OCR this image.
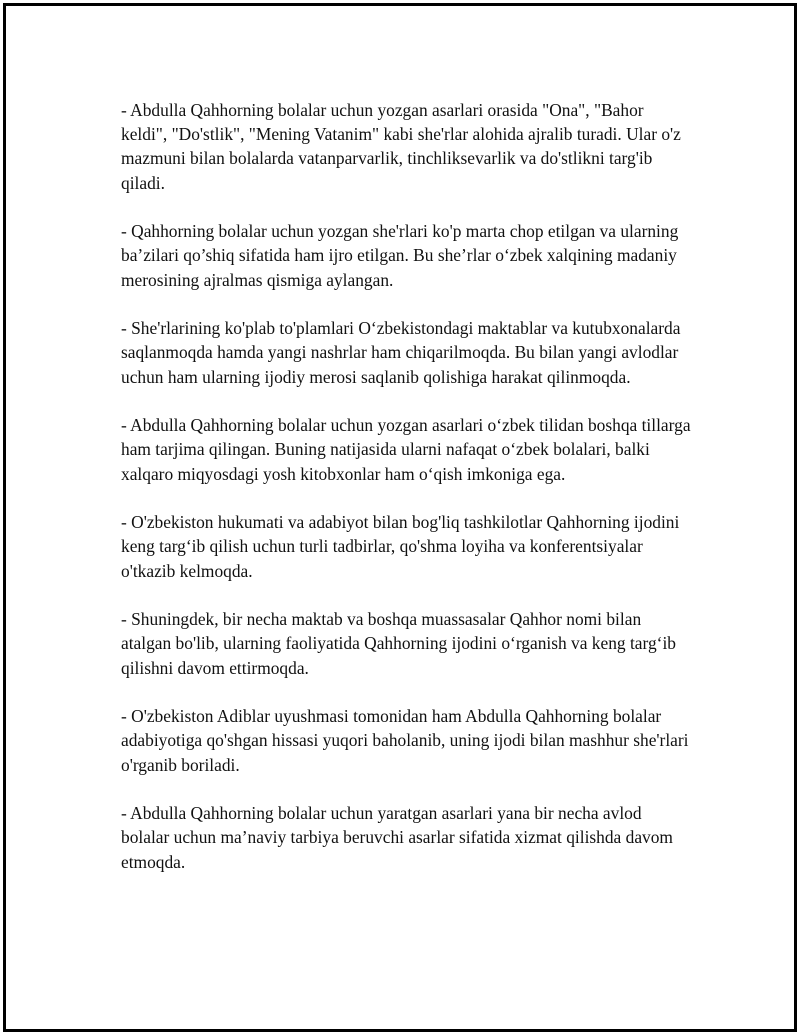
- Abdulla Qahhorning bolalar uchun yozgan asarlari orasida "Ona", "Bahor keldi", "Do'stlik", "Mening Vatanim" kabi she'rlar alohida ajralib turadi. Ular o'z mazmuni bilan bolalarda vatanparvarlik, tinchliksevarlik va do'stlikni targ'ib qiladi.

- Qahhorning bolalar uchun yozgan she'rlari ko'p marta chop etilgan va ularning ba’zilari qo’shiq sifatida ham ijro etilgan. Bu she’rlar o‘zbek xalqining madaniy merosining ajralmas qismiga aylangan.

- She'rlarining ko'plab to'plamlari O‘zbekistondagi maktablar va kutubxonalarda saqlanmoqda hamda yangi nashrlar ham chiqarilmoqda. Bu bilan yangi avlodlar uchun ham ularning ijodiy merosi saqlanib qolishiga harakat qilinmoqda.

- Abdulla Qahhorning bolalar uchun yozgan asarlari o‘zbek tilidan boshqa tillarga ham tarjima qilingan. Buning natijasida ularni nafaqat o‘zbek bolalari, balki xalqaro miqyosdagi yosh kitobxonlar ham o‘qish imkoniga ega.

- O'zbekiston hukumati va adabiyot bilan bog'liq tashkilotlar Qahhorning ijodini keng targ‘ib qilish uchun turli tadbirlar, qo'shma loyiha va konferentsiyalar o'tkazib kelmoqda.

- Shuningdek, bir necha maktab va boshqa muassasalar Qahhor nomi bilan atalgan bo'lib, ularning faoliyatida Qahhorning ijodini o‘rganish va keng targ‘ib qilishni davom ettirmoqda.

- O'zbekiston Adiblar uyushmasi tomonidan ham Abdulla Qahhorning bolalar adabiyotiga qo'shgan hissasi yuqori baholanib, uning ijodi bilan mashhur she'rlari o'rganib boriladi.

- Abdulla Qahhorning bolalar uchun yaratgan asarlari yana bir necha avlod bolalar uchun ma’naviy tarbiya beruvchi asarlar sifatida xizmat qilishda davom etmoqda.
